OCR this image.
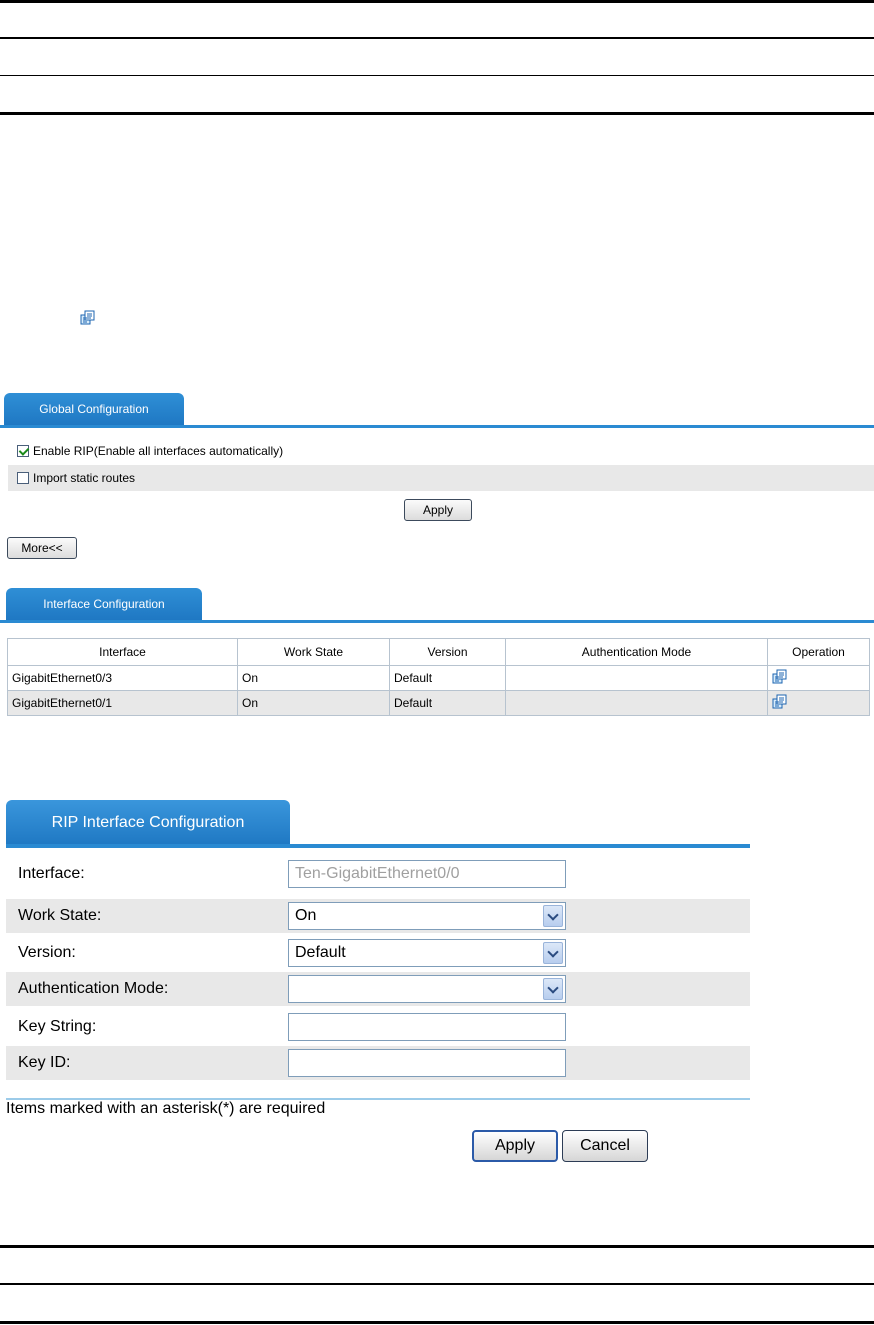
Global Configuration
Enable RIP(Enable all interfaces automatically)
Import static routes
Apply
More<<
Interface Configuration
Interface	Work State	Version	Authentication Mode	Operation
GigabitEthernet0/3	On	Default		
GigabitEthernet0/1	On	Default		
RIP Interface Configuration
Interface:	Ten-GigabitEthernet0/0
Work State:	On
Version:	Default
Authentication Mode:
Key String:
Key ID:
Items marked with an asterisk(*) are required
Apply	Cancel
